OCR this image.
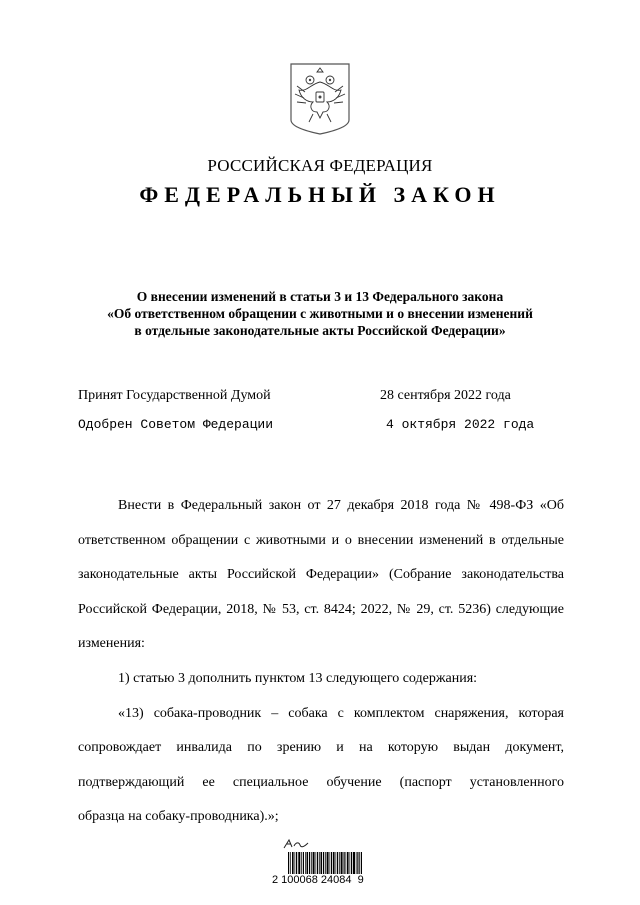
РОССИЙСКАЯ ФЕДЕРАЦИЯ
ФЕДЕРАЛЬНЫЙ ЗАКОН
О внесении изменений в статьи 3 и 13 Федерального закона
«Об ответственном обращении с животными и о внесении изменений
в отдельные законодательные акты Российской Федерации»
Принят Государственной Думой	28 сентября 2022 года
Одобрен Советом Федерации	4 октября 2022 года

Внести в Федеральный закон от 27 декабря 2018 года № 498-ФЗ «Об ответственном обращении с животными и о внесении изменений в отдельные законодательные акты Российской Федерации» (Собрание законодательства Российской Федерации, 2018, № 53, ст. 8424; 2022, № 29, ст. 5236) следующие изменения:

1) статью 3 дополнить пунктом 13 следующего содержания:

«13) собака-проводник – собака с комплектом снаряжения, которая

сопровождает инвалида по зрению и на которую выдан документ,

подтверждающий ее специальное обучение (паспорт установленного

образца на собаку-проводника).»;

2 100068 24084  9
